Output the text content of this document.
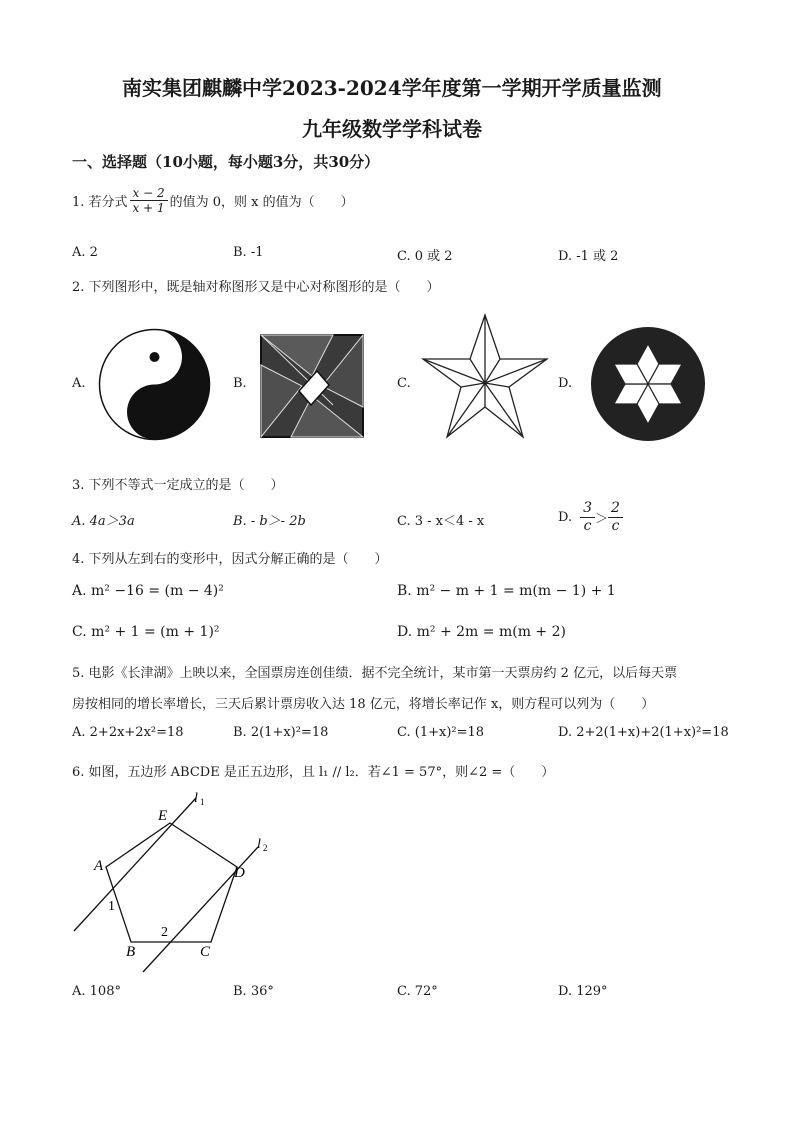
南实集团麒麟中学2023-2024学年度第一学期开学质量监测
九年级数学学科试卷
一、选择题（10小题，每小题3分，共30分）
1. 若分式 $\frac{x - 2}{x + 1}$ 的值为 0，则 x 的值为（　　）
A. 2	B. -1	C. 0 或 2	D. -1 或 2
2. 下列图形中，既是轴对称图形又是中心对称图形的是（　　）
A.	B.	C.	D.
3. 下列不等式一定成立的是（　　）
A. 4a＞3a	B. - b＞- 2b	C. 3 - x＜4 - x	D. $\frac{3}{c} > \frac{2}{c}$
4. 下列从左到右的变形中，因式分解正确的是（　　）
A. m² −16 = (m − 4)²	B. m² − m + 1 = m(m − 1) + 1
C. m² + 1 = (m + 1)²	D. m² + 2m = m(m + 2)
5. 电影《长津湖》上映以来，全国票房连创佳绩．据不完全统计，某市第一天票房约 2 亿元，以后每天票
房按相同的增长率增长，三天后累计票房收入达 18 亿元，将增长率记作 x，则方程可以列为（　　）
A. 2+2x+2x²=18	B. 2(1+x)²=18	C. (1+x)²=18	D. 2+2(1+x)+2(1+x)²=18
6. 如图，五边形 ABCDE 是正五边形，且 l₁ // l₂．若∠1 = 57°，则∠2 =（　　）
E
A	D
B	C
1
2
l 1
l 2
A. 108°	B. 36°	C. 72°	D. 129°
